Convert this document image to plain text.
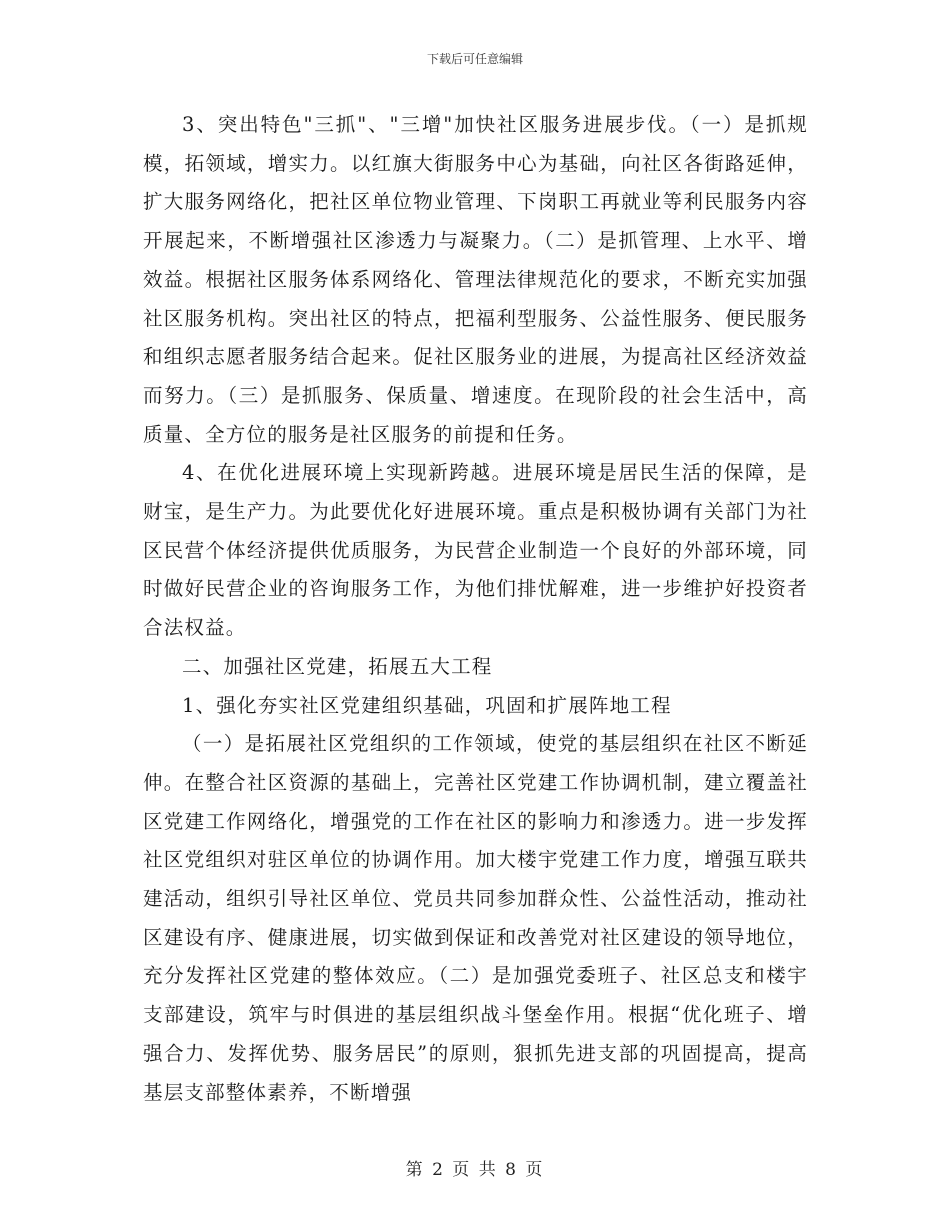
下载后可任意编辑

3、突出特色"三抓"、"三增"加快社区服务进展步伐。（一）是抓规模，拓领域，增实力。以红旗大街服务中心为基础，向社区各街路延伸，扩大服务网络化，把社区单位物业管理、下岗职工再就业等利民服务内容开展起来，不断增强社区渗透力与凝聚力。（二）是抓管理、上水平、增效益。根据社区服务体系网络化、管理法律规范化的要求，不断充实加强社区服务机构。突出社区的特点，把福利型服务、公益性服务、便民服务和组织志愿者服务结合起来。促社区服务业的进展，为提高社区经济效益而努力。（三）是抓服务、保质量、增速度。在现阶段的社会生活中，高质量、全方位的服务是社区服务的前提和任务。

4、在优化进展环境上实现新跨越。进展环境是居民生活的保障，是财宝，是生产力。为此要优化好进展环境。重点是积极协调有关部门为社区民营个体经济提供优质服务，为民营企业制造一个良好的外部环境，同时做好民营企业的咨询服务工作，为他们排忧解难，进一步维护好投资者合法权益。

二、加强社区党建，拓展五大工程

1、强化夯实社区党建组织基础，巩固和扩展阵地工程

（一）是拓展社区党组织的工作领域，使党的基层组织在社区不断延伸。在整合社区资源的基础上，完善社区党建工作协调机制，建立覆盖社区党建工作网络化，增强党的工作在社区的影响力和渗透力。进一步发挥社区党组织对驻区单位的协调作用。加大楼宇党建工作力度，增强互联共建活动，组织引导社区单位、党员共同参加群众性、公益性活动，推动社区建设有序、健康进展，切实做到保证和改善党对社区建设的领导地位，充分发挥社区党建的整体效应。（二）是加强党委班子、社区总支和楼宇支部建设，筑牢与时俱进的基层组织战斗堡垒作用。根据“优化班子、增强合力、发挥优势、服务居民”的原则，狠抓先进支部的巩固提高，提高基层支部整体素养，不断增强

第 2 页 共 8 页
